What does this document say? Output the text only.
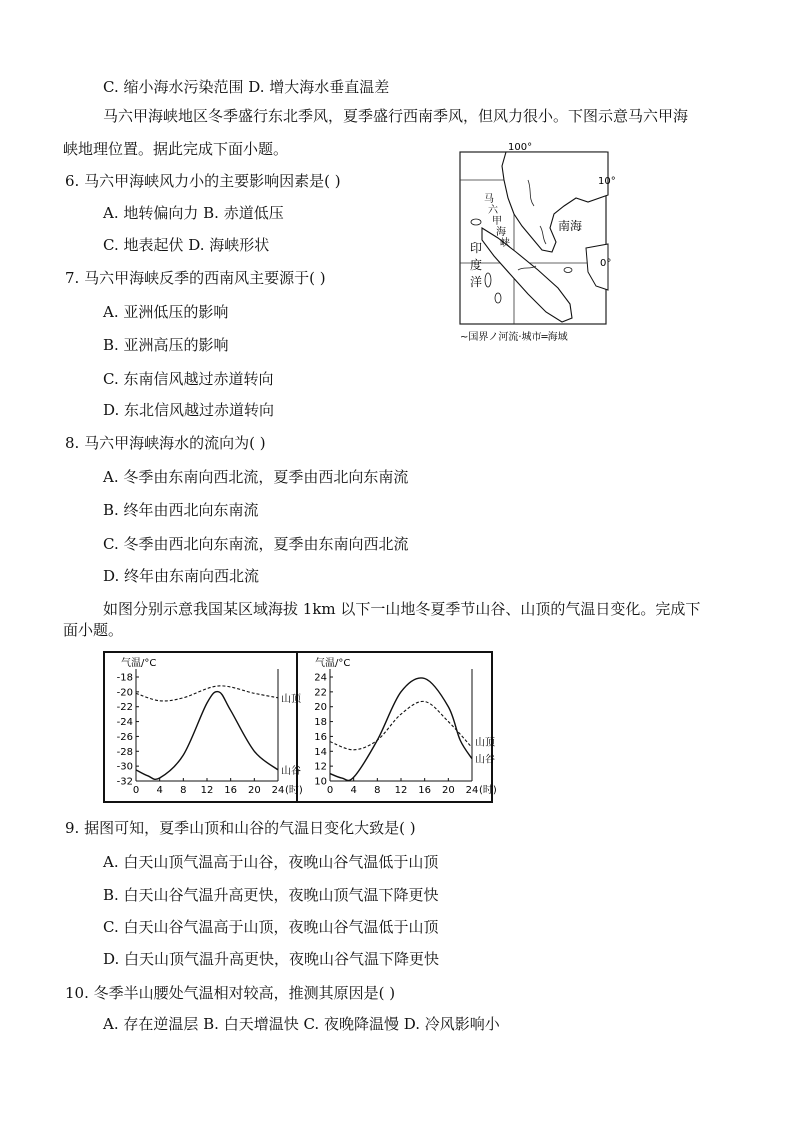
C. 缩小海水污染范围 D. 增大海水垂直温差
马六甲海峡地区冬季盛行东北季风，夏季盛行西南季风，但风力很小。下图示意马六甲海
峡地理位置。据此完成下面小题。
6. 马六甲海峡风力小的主要影响因素是( )
A. 地转偏向力 B. 赤道低压
C. 地表起伏 D. 海峡形状
7. 马六甲海峡反季的西南风主要源于( )
A. 亚洲低压的影响
B. 亚洲高压的影响
C. 东南信风越过赤道转向
D. 东北信风越过赤道转向
8. 马六甲海峡海水的流向为( )
A. 冬季由东南向西北流，夏季由西北向东南流
B. 终年由西北向东南流
C. 冬季由西北向东南流，夏季由东南向西北流
D. 终年由东南向西北流
如图分别示意我国某区域海拔 1km 以下一山地冬夏季节山谷、山顶的气温日变化。完成下
面小题。
9. 据图可知，夏季山顶和山谷的气温日变化大致是( )
A. 白天山顶气温高于山谷，夜晚山谷气温低于山顶
B. 白天山谷气温升高更快，夜晚山顶气温下降更快
C. 白天山谷气温高于山顶，夜晚山谷气温低于山顶
D. 白天山顶气温升高更快，夜晚山谷气温下降更快
10. 冬季半山腰处气温相对较高，推测其原因是( )
A. 存在逆温层 B. 白天增温快 C. 夜晚降温慢 D. 冷风影响小
100°
10°
0°
南海
马六甲海峡
印度洋
~国界ノ河流·城市═海域
气温/°C
-18
-20
-22
-24
-26
-28
-30
-32
0 4 8 12 16 20 24 (时)
山顶
山谷
气温/°C
24
22
20
18
16
14
12
10
0 4 8 12 16 20 24 (时)
山顶
山谷
